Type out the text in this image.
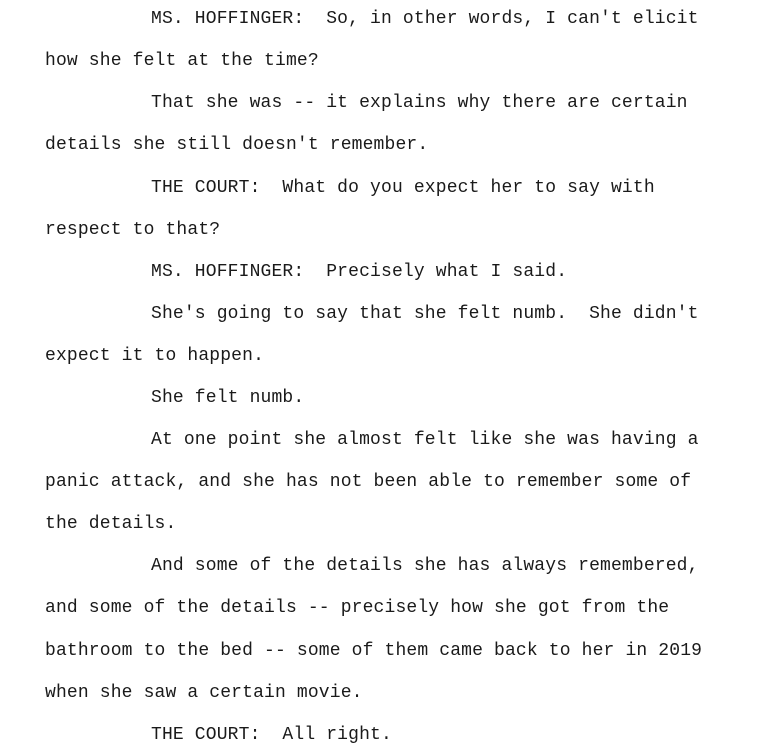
MS. HOFFINGER:  So, in other words, I can't elicit
how she felt at the time?
That she was -- it explains why there are certain
details she still doesn't remember.
THE COURT:  What do you expect her to say with
respect to that?
MS. HOFFINGER:  Precisely what I said.
She's going to say that she felt numb.  She didn't
expect it to happen.
She felt numb.
At one point she almost felt like she was having a
panic attack, and she has not been able to remember some of
the details.
And some of the details she has always remembered,
and some of the details -- precisely how she got from the
bathroom to the bed -- some of them came back to her in 2019
when she saw a certain movie.
THE COURT:  All right.
